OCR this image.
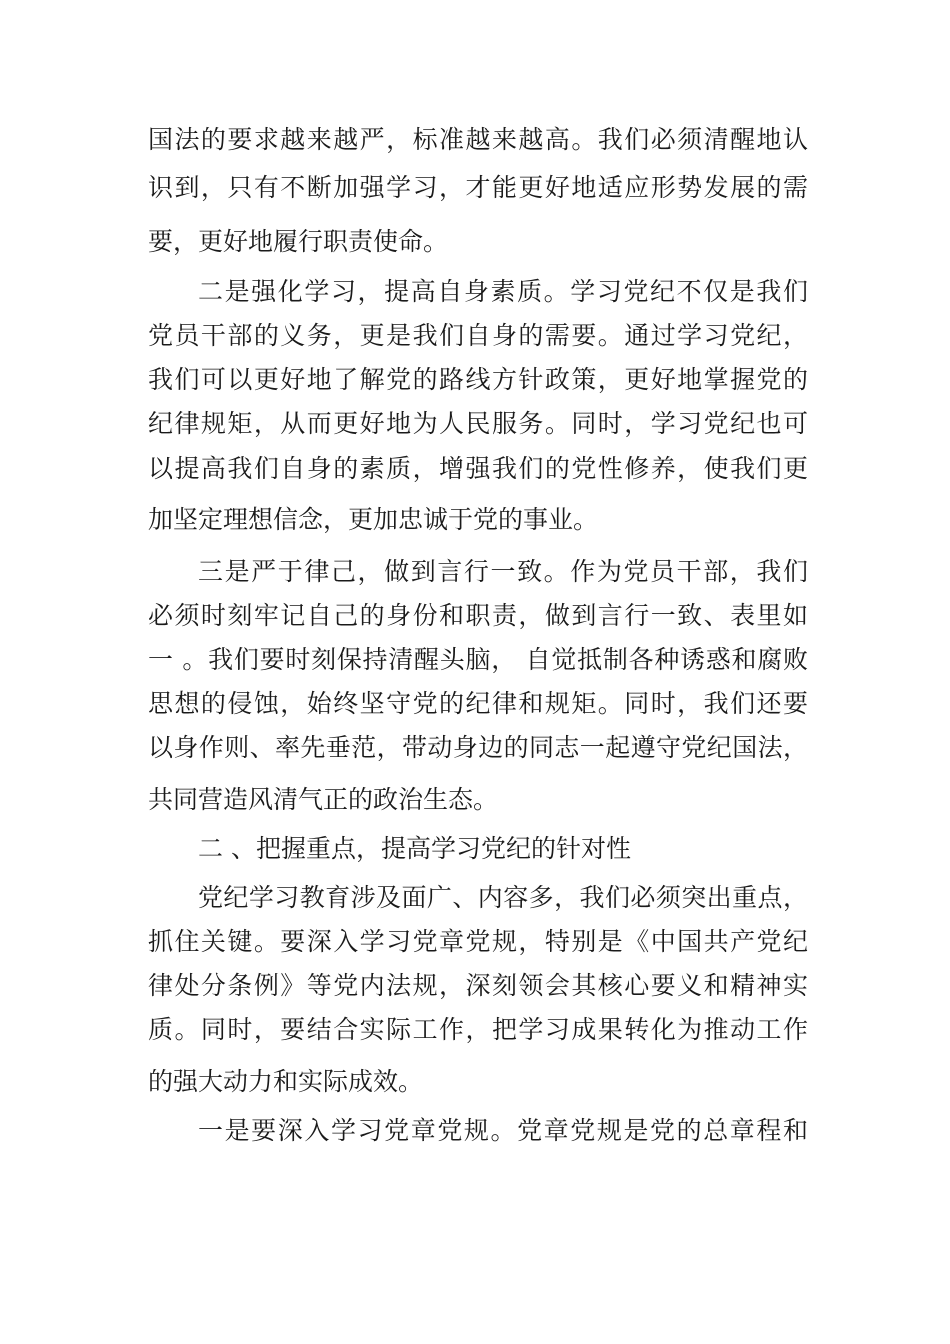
国法的要求越来越严，标准越来越高。我们必须清醒地认

识到，只有不断加强学习，才能更好地适应形势发展的需

要，更好地履行职责使命。

二是强化学习，提高自身素质。学习党纪不仅是我们

党员干部的义务，更是我们自身的需要。通过学习党纪，

我们可以更好地了解党的路线方针政策，更好地掌握党的

纪律规矩，从而更好地为人民服务。同时，学习党纪也可

以提高我们自身的素质，增强我们的党性修养，使我们更

加坚定理想信念，更加忠诚于党的事业。

三是严于律己，做到言行一致。作为党员干部，我们

必须时刻牢记自己的身份和职责，做到言行一致、表里如

一 。我们要时刻保持清醒头脑， 自觉抵制各种诱惑和腐败

思想的侵蚀，始终坚守党的纪律和规矩。同时，我们还要

以身作则、率先垂范，带动身边的同志一起遵守党纪国法，

共同营造风清气正的政治生态。

二 、把握重点，提高学习党纪的针对性

党纪学习教育涉及面广、内容多，我们必须突出重点，

抓住关键。要深入学习党章党规，特别是《中国共产党纪

律处分条例》等党内法规，深刻领会其核心要义和精神实

质。同时，要结合实际工作，把学习成果转化为推动工作

的强大动力和实际成效。

一是要深入学习党章党规。党章党规是党的总章程和
